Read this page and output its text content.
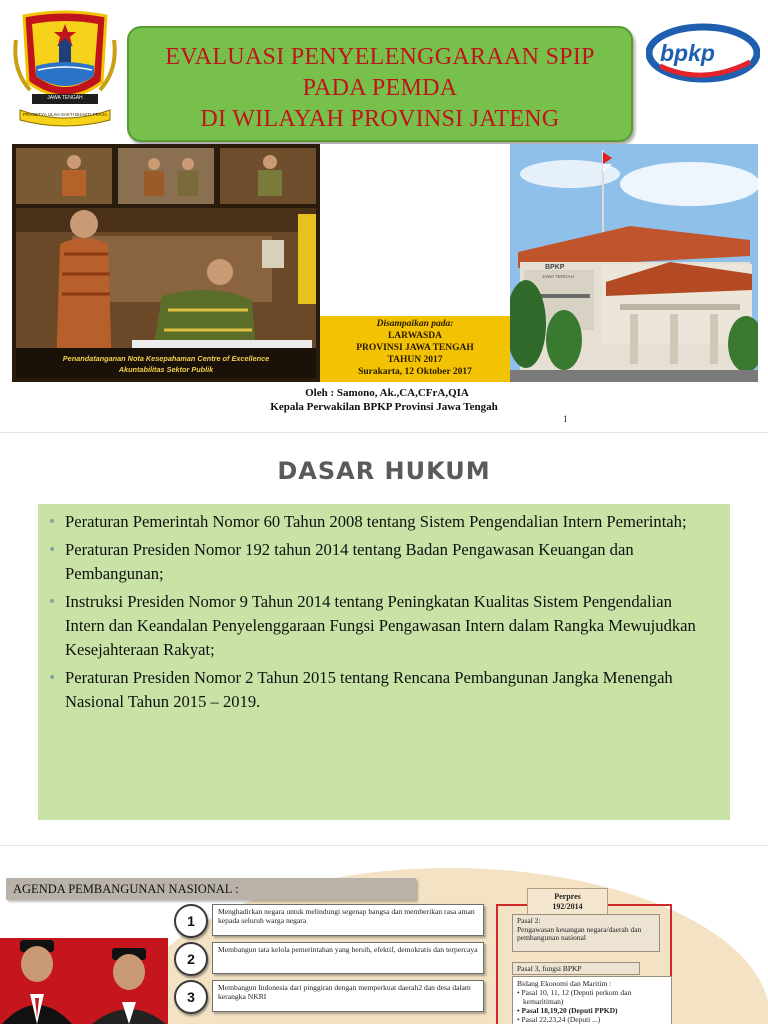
JAWA TENGAH
PRASETYA ULAH SAKTI BHAKTI PRAJA
EVALUASI PENYELENGGARAAN SPIP
PADA PEMDA
DI WILAYAH PROVINSI JATENG
bpkp
Penandatanganan Nota Kesepahaman Centre of Excellence
Akuntabilitas Sektor Publik
Disampaikan pada:
LARWASDA
PROVINSI JAWA TENGAH
TAHUN 2017
Surakarta, 12 Oktober 2017
BPKP
JAWA TENGAH
Oleh : Samono, Ak.,CA,CFrA,QIA
Kepala Perwakilan BPKP Provinsi Jawa Tengah
1
DASAR HUKUM
• Peraturan Pemerintah Nomor 60 Tahun 2008 tentang Sistem Pengendalian Intern Pemerintah;
• Peraturan Presiden Nomor 192 tahun 2014 tentang Badan Pengawasan Keuangan dan Pembangunan;
• Instruksi Presiden Nomor 9 Tahun 2014 tentang Peningkatan Kualitas Sistem Pengendalian Intern dan Keandalan Penyelenggaraan Fungsi Pengawasan Intern dalam Rangka Mewujudkan Kesejahteraan Rakyat;
• Peraturan Presiden Nomor 2 Tahun 2015 tentang Rencana Pembangunan Jangka Menengah Nasional Tahun 2015 – 2019.
AGENDA PEMBANGUNAN NASIONAL :
1
Menghadirkan negara untuk melindungi segenap bangsa dan memberikan rasa aman kepada seluruh warga negara
2
Membangun tata kelola pemerintahan yang bersih, efektif, demokratis dan terpercaya
3
Membangun Indonesia dari pinggiran dengan memperkuat daerah2 dan desa dalam kerangka NKRI
Perpres
192/2014
Pasal 2:
Pengawasan keuangan negara/daerah dan pembangunan nasional
Pasal 3, fungsi BPKP
Bidang Ekonomi dan Maritim :
• Pasal 10, 11, 12 (Deputi perkom dan kemaritiman)
• Pasal 18,19,20 (Deputi PPKD)
• Pasal 22,23,24 (Deputi ...)
